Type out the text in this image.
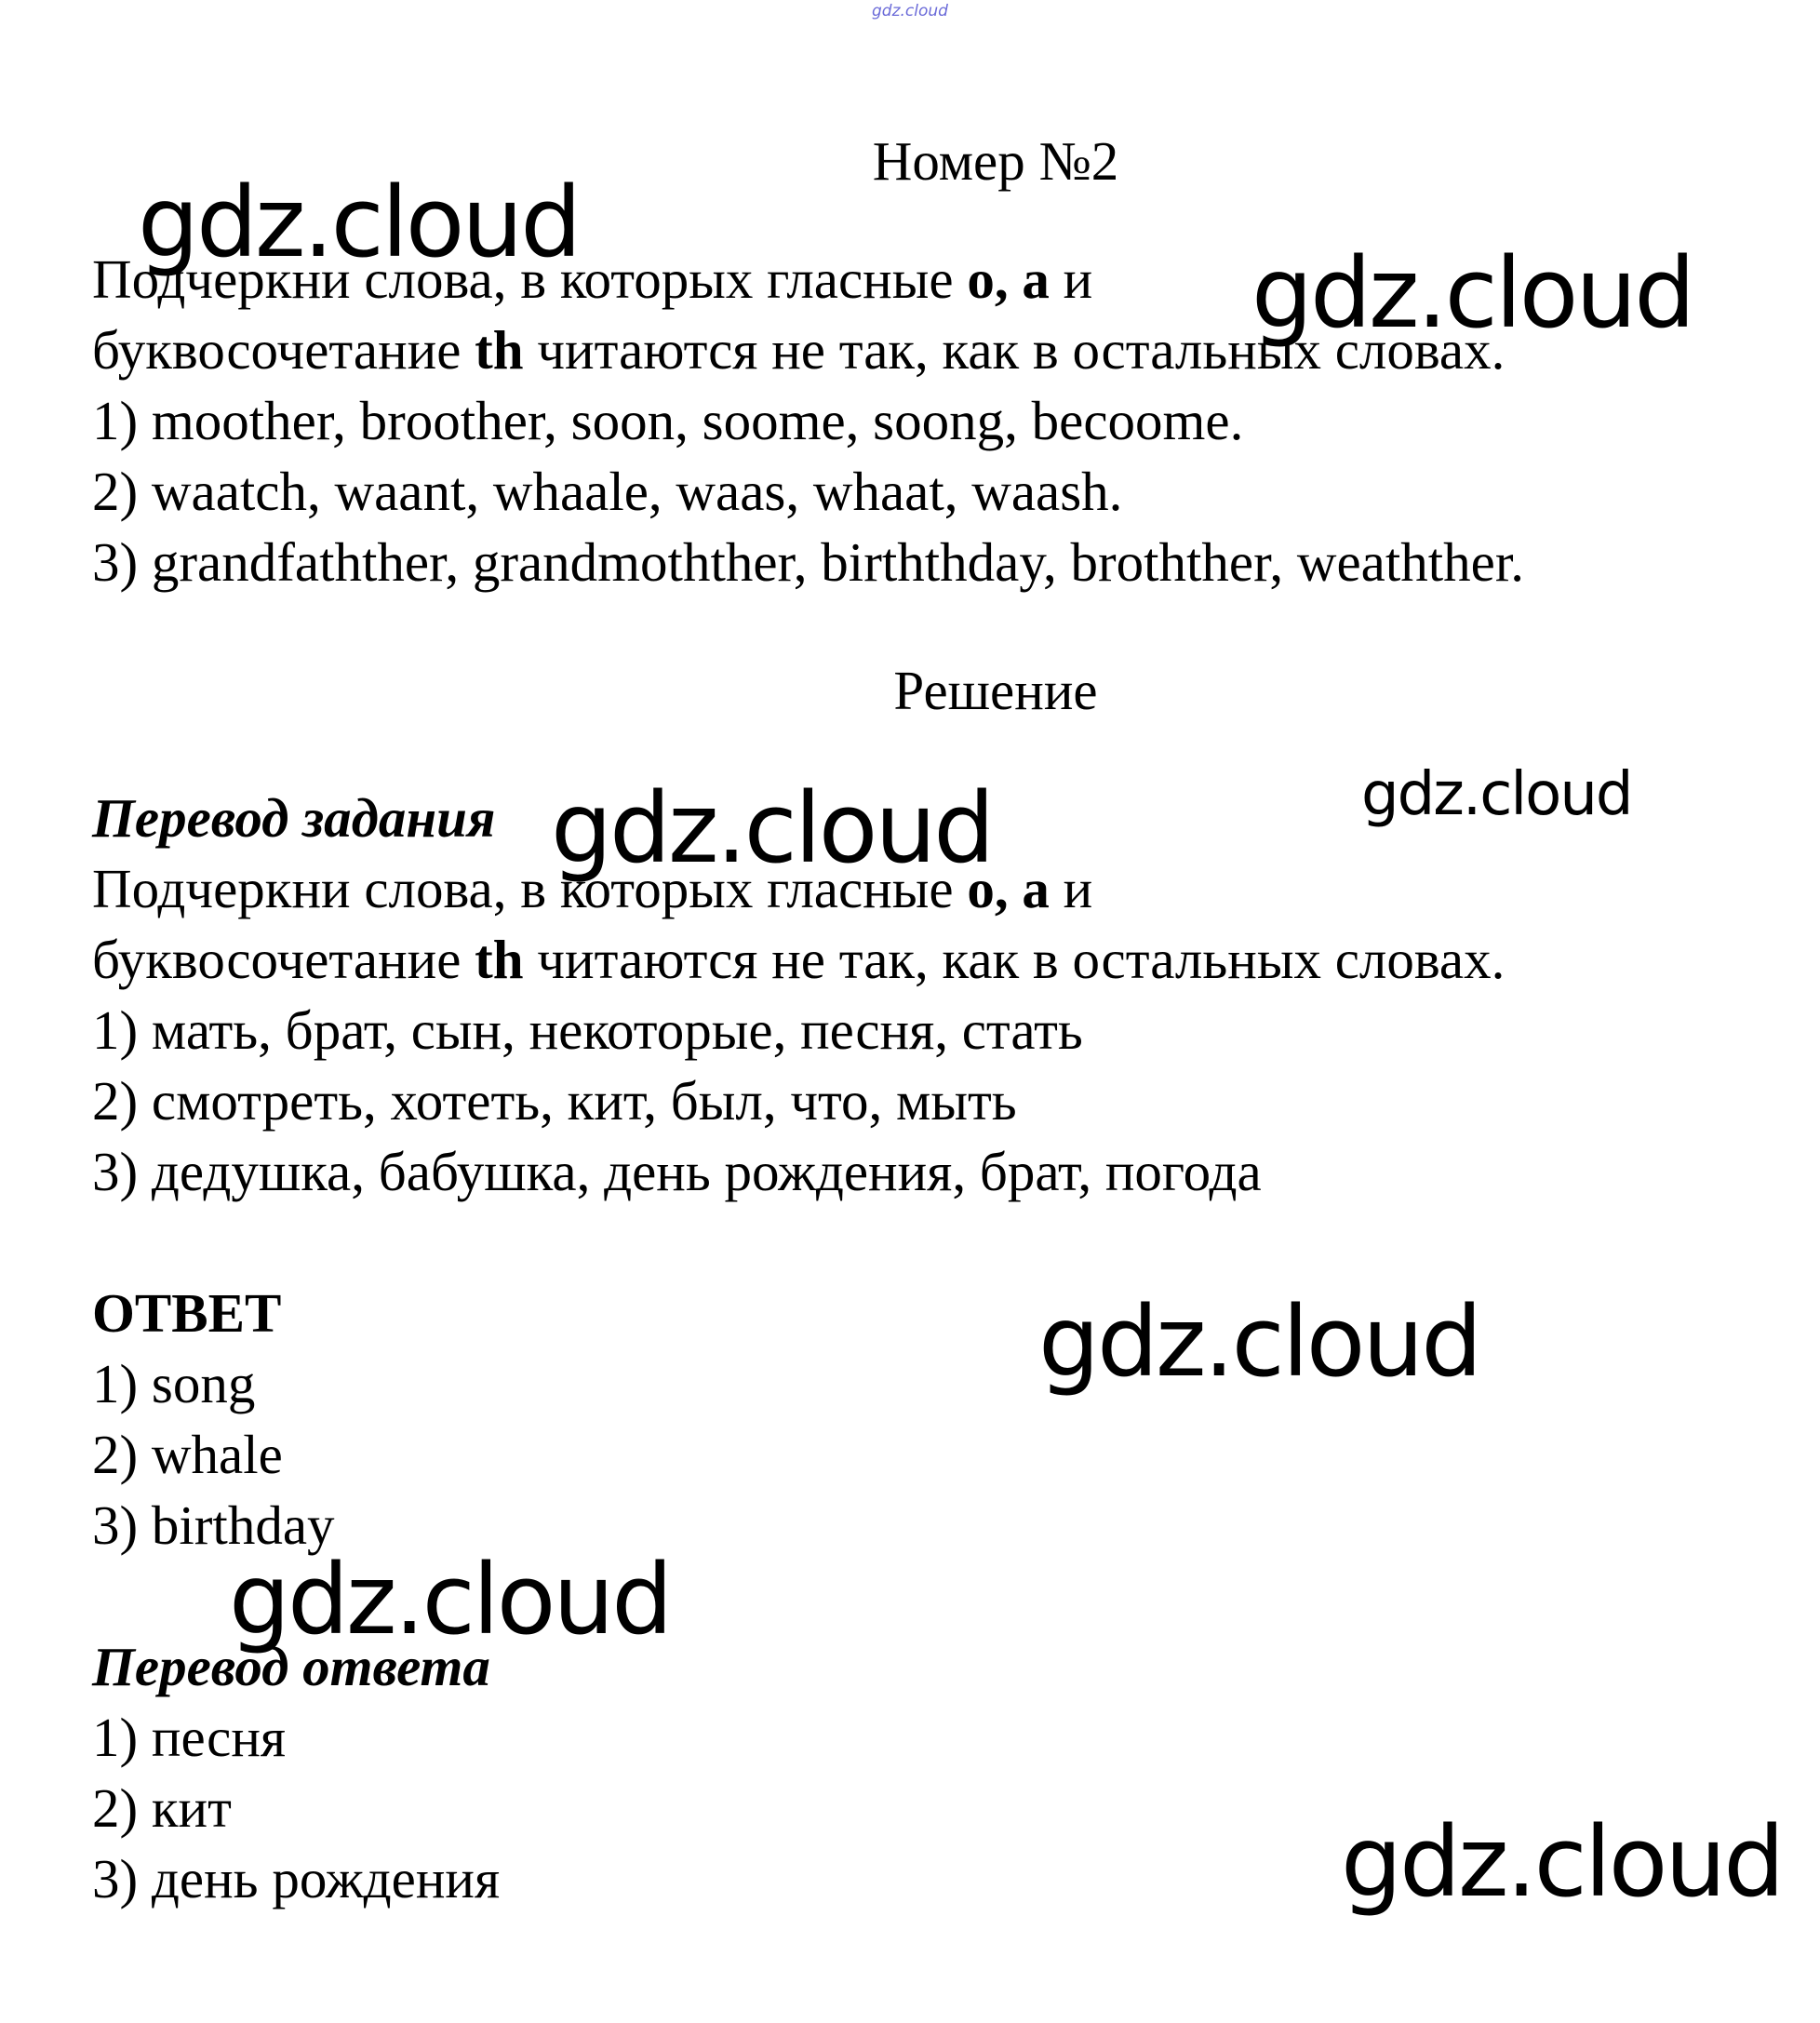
gdz.cloud

Номер №2

Подчеркни слова, в которых гласные o, a и

буквосочетание th читаются не так, как в остальных словах.

1) moother, broother, soon, soome, soong, becoome.

2) waatch, waant, whaale, waas, whaat, waash.

3) grandfathther, grandmothther, birththday, brothther, weathther.

Решение

Перевод задания

Подчеркни слова, в которых гласные o, a и

буквосочетание th читаются не так, как в остальных словах.

1) мать, брат, сын, некоторые, песня, стать

2) смотреть, хотеть, кит, был, что, мыть

3) дедушка, бабушка, день рождения, брат, погода

ОТВЕТ

1) song

2) whale

3) birthday

Перевод ответа

1) песня

2) кит

3) день рождения

gdz.cloud
gdz.cloud
gdz.cloud	gdz.cloud
gdz.cloud
gdz.cloud
gdz.cloud
